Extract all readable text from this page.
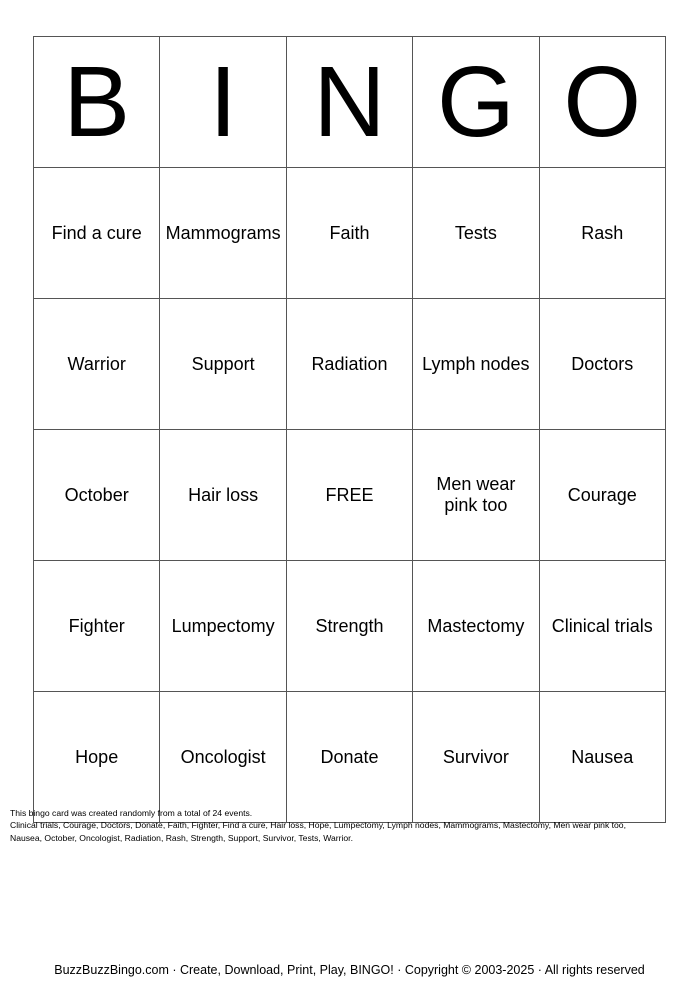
B	I	N	G	O
Find a cure	Mammograms	Faith	Tests	Rash
Warrior	Support	Radiation	Lymph nodes	Doctors
October	Hair loss	FREE	Men wear pink too	Courage
Fighter	Lumpectomy	Strength	Mastectomy	Clinical trials
Hope	Oncologist	Donate	Survivor	Nausea
This bingo card was created randomly from a total of 24 events.
Clinical trials, Courage, Doctors, Donate, Faith, Fighter, Find a cure, Hair loss, Hope, Lumpectomy, Lymph nodes, Mammograms, Mastectomy, Men wear pink too,
Nausea, October, Oncologist, Radiation, Rash, Strength, Support, Survivor, Tests, Warrior.
BuzzBuzzBingo.com · Create, Download, Print, Play, BINGO! · Copyright © 2003-2025 · All rights reserved
